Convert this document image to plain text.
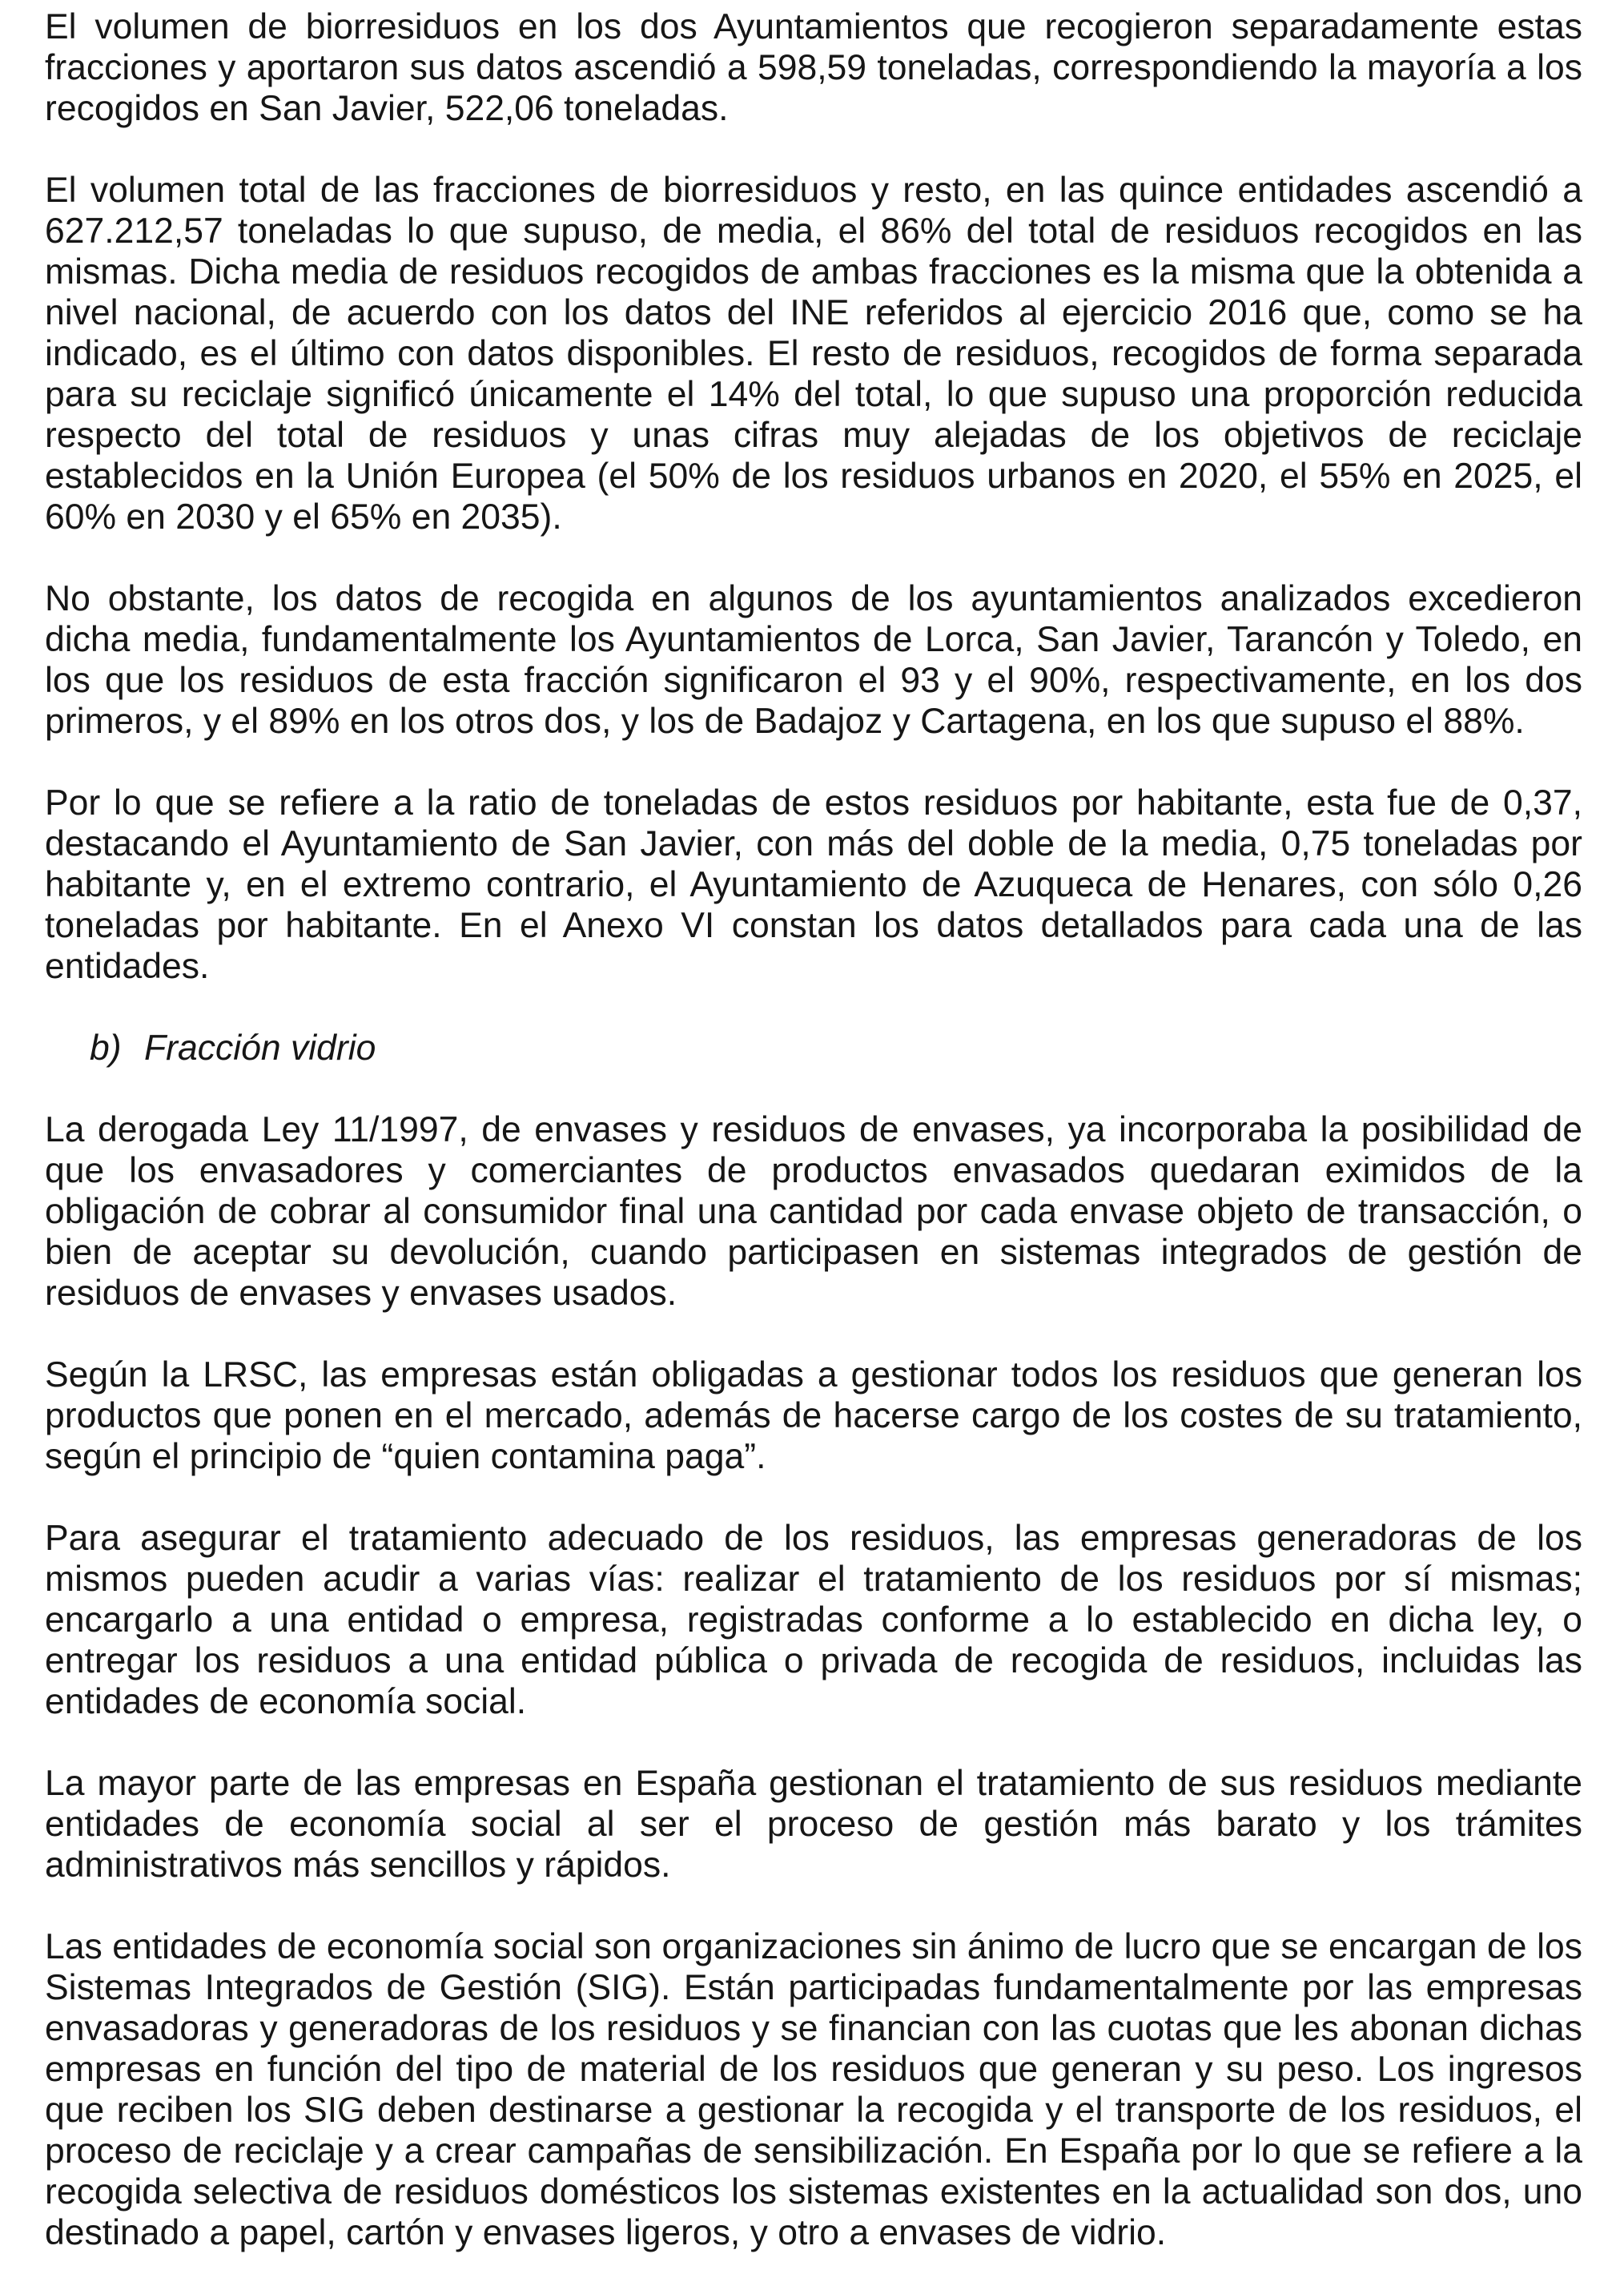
El volumen de biorresiduos en los dos Ayuntamientos que recogieron separadamente estas fracciones y aportaron sus datos ascendió a 598,59 toneladas, correspondiendo la mayoría a los recogidos en San Javier, 522,06 toneladas.

El volumen total de las fracciones de biorresiduos y resto, en las quince entidades ascendió a 627.212,57 toneladas lo que supuso, de media, el 86% del total de residuos recogidos en las mismas. Dicha media de residuos recogidos de ambas fracciones es la misma que la obtenida a nivel nacional, de acuerdo con los datos del INE referidos al ejercicio 2016 que, como se ha indicado, es el último con datos disponibles. El resto de residuos, recogidos de forma separada para su reciclaje significó únicamente el 14% del total, lo que supuso una proporción reducida respecto del total de residuos y unas cifras muy alejadas de los objetivos de reciclaje establecidos en la Unión Europea (el 50% de los residuos urbanos en 2020, el 55% en 2025, el 60% en 2030 y el 65% en 2035).

No obstante, los datos de recogida en algunos de los ayuntamientos analizados excedieron dicha media, fundamentalmente los Ayuntamientos de Lorca, San Javier, Tarancón y Toledo, en los que los residuos de esta fracción significaron el 93 y el 90%, respectivamente, en los dos primeros, y el 89% en los otros dos, y los de Badajoz y Cartagena, en los que supuso el 88%.

Por lo que se refiere a la ratio de toneladas de estos residuos por habitante, esta fue de 0,37, destacando el Ayuntamiento de San Javier, con más del doble de la media, 0,75 toneladas por habitante y, en el extremo contrario, el Ayuntamiento de Azuqueca de Henares, con sólo 0,26 toneladas por habitante. En el Anexo VI constan los datos detallados para cada una de las entidades.

b) Fracción vidrio

La derogada Ley 11/1997, de envases y residuos de envases, ya incorporaba la posibilidad de que los envasadores y comerciantes de productos envasados quedaran eximidos de la obligación de cobrar al consumidor final una cantidad por cada envase objeto de transacción, o bien de aceptar su devolución, cuando participasen en sistemas integrados de gestión de residuos de envases y envases usados.

Según la LRSC, las empresas están obligadas a gestionar todos los residuos que generan los productos que ponen en el mercado, además de hacerse cargo de los costes de su tratamiento, según el principio de “quien contamina paga”.

Para asegurar el tratamiento adecuado de los residuos, las empresas generadoras de los mismos pueden acudir a varias vías: realizar el tratamiento de los residuos por sí mismas; encargarlo a una entidad o empresa, registradas conforme a lo establecido en dicha ley, o entregar los residuos a una entidad pública o privada de recogida de residuos, incluidas las entidades de economía social.

La mayor parte de las empresas en España gestionan el tratamiento de sus residuos mediante entidades de economía social al ser el proceso de gestión más barato y los trámites administrativos más sencillos y rápidos.

Las entidades de economía social son organizaciones sin ánimo de lucro que se encargan de los Sistemas Integrados de Gestión (SIG). Están participadas fundamentalmente por las empresas envasadoras y generadoras de los residuos y se financian con las cuotas que les abonan dichas empresas en función del tipo de material de los residuos que generan y su peso. Los ingresos que reciben los SIG deben destinarse a gestionar la recogida y el transporte de los residuos, el proceso de reciclaje y a crear campañas de sensibilización. En España por lo que se refiere a la recogida selectiva de residuos domésticos los sistemas existentes en la actualidad son dos, uno destinado a papel, cartón y envases ligeros, y otro a envases de vidrio.
